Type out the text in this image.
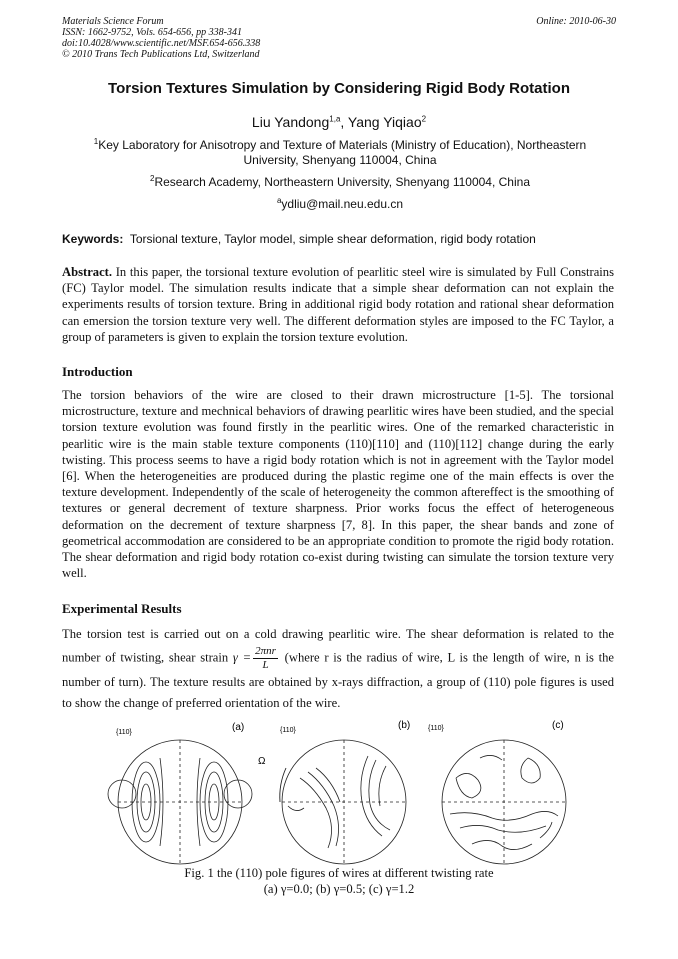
Materials Science Forum
ISSN: 1662-9752, Vols. 654-656, pp 338-341
doi:10.4028/www.scientific.net/MSF.654-656.338
© 2010 Trans Tech Publications Ltd, Switzerland
Online: 2010-06-30
Torsion Textures Simulation by Considering Rigid Body Rotation
Liu Yandong$^{1,a}$, Yang Yiqiao$^2$
$^1$Key Laboratory for Anisotropy and Texture of Materials (Ministry of Education), Northeastern University, Shenyang 110004, China
$^2$Research Academy, Northeastern University, Shenyang 110004, China
$^a$ydliu@mail.neu.edu.cn
Keywords: Torsional texture, Taylor model, simple shear deformation, rigid body rotation
Abstract. In this paper, the torsional texture evolution of pearlitic steel wire is simulated by Full Constrains (FC) Taylor model. The simulation results indicate that a simple shear deformation can not explain the experiments results of torsion texture. Bring in additional rigid body rotation and rational shear deformation can emersion the torsion texture very well. The different deformation styles are imposed to the FC Taylor, a group of parameters is given to explain the torsion texture evolution.
Introduction
The torsion behaviors of the wire are closed to their drawn microstructure [1-5]. The torsional microstructure, texture and mechnical behaviors of drawing pearlitic wires have been studied, and the special torsion texture evolution was found firstly in the pearlitic wires. One of the remarked characteristic in pearlitic wire is the main stable texture components (110)[110] and (110)[112] change during the early twisting. This process seems to have a rigid body rotation which is not in agreement with the Taylor model [6]. When the heterogeneities are produced during the plastic regime one of the main effects is over the texture development. Independently of the scale of heterogeneity the common aftereffect is the smoothing of textures or general decrement of texture sharpness. Prior works focus the effect of heterogeneous deformation on the decrement of texture sharpness [7, 8]. In this paper, the shear bands and zone of geometrical accommodation are considered to be an appropriate condition to promote the rigid body rotation. The shear deformation and rigid body rotation co-exist during twisting can simulate the torsion texture very well.
Experimental Results
The torsion test is carried out on a cold drawing pearlitic wire. The shear deformation is related to the number of twisting, shear strain $\gamma = \frac{\text{2πnr}}{L}$ (where r is the radius of wire, L is the length of wire, n is the number of turn). The texture results are obtained by x-rays diffraction, a group of (110) pole figures is used to show the change of preferred orientation of the wire.
{110}	(a)	{110}	(b)	{110}	(c)
Ω
Fig. 1 the (110) pole figures of wires at different twisting rate
(a) γ=0.0; (b) γ=0.5; (c) γ=1.2
